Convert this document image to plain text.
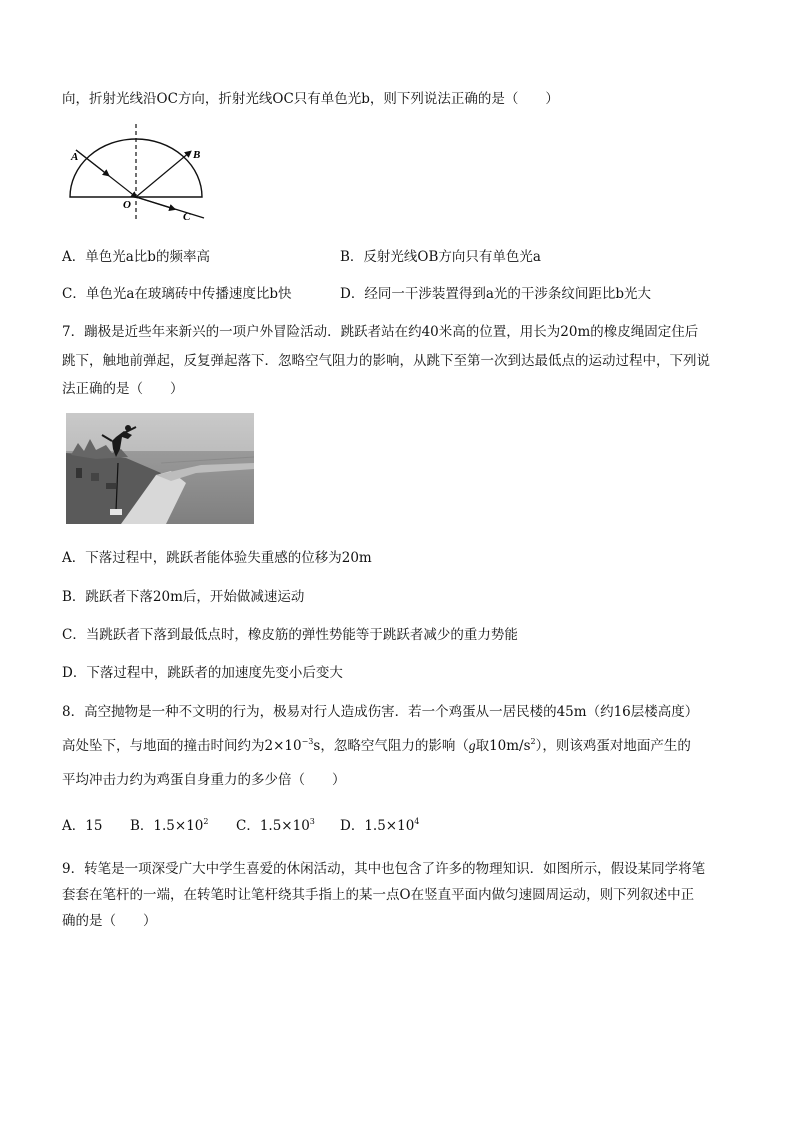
向，折射光线沿OC方向，折射光线OC只有单色光b，则下列说法正确的是（　　）
A	B
O
C
A．单色光a比b的频率高	B．反射光线OB方向只有单色光a
C．单色光a在玻璃砖中传播速度比b快	D．经同一干涉装置得到a光的干涉条纹间距比b光大
7．蹦极是近些年来新兴的一项户外冒险活动．跳跃者站在约40米高的位置，用长为20m的橡皮绳固定住后
跳下，触地前弹起，反复弹起落下．忽略空气阻力的影响，从跳下至第一次到达最低点的运动过程中，下列说
法正确的是（　　）
A．下落过程中，跳跃者能体验失重感的位移为20m
B．跳跃者下落20m后，开始做减速运动
C．当跳跃者下落到最低点时，橡皮筋的弹性势能等于跳跃者减少的重力势能
D．下落过程中，跳跃者的加速度先变小后变大
8．高空抛物是一种不文明的行为，极易对行人造成伤害．若一个鸡蛋从一居民楼的45m（约16层楼高度）
高处坠下，与地面的撞击时间约为$2\times 10^{-3}s$，忽略空气阻力的影响（g取$10m/s^2$），则该鸡蛋对地面产生的
平均冲击力约为鸡蛋自身重力的多少倍（　　）
A．15 B．$1.5\times 10^2$ C．$1.5\times 10^3$ D．$1.5\times 10^4$
9．转笔是一项深受广大中学生喜爱的休闲活动，其中也包含了许多的物理知识．如图所示，假设某同学将笔
套套在笔杆的一端，在转笔时让笔杆绕其手指上的某一点O在竖直平面内做匀速圆周运动，则下列叙述中正
确的是（　　）
